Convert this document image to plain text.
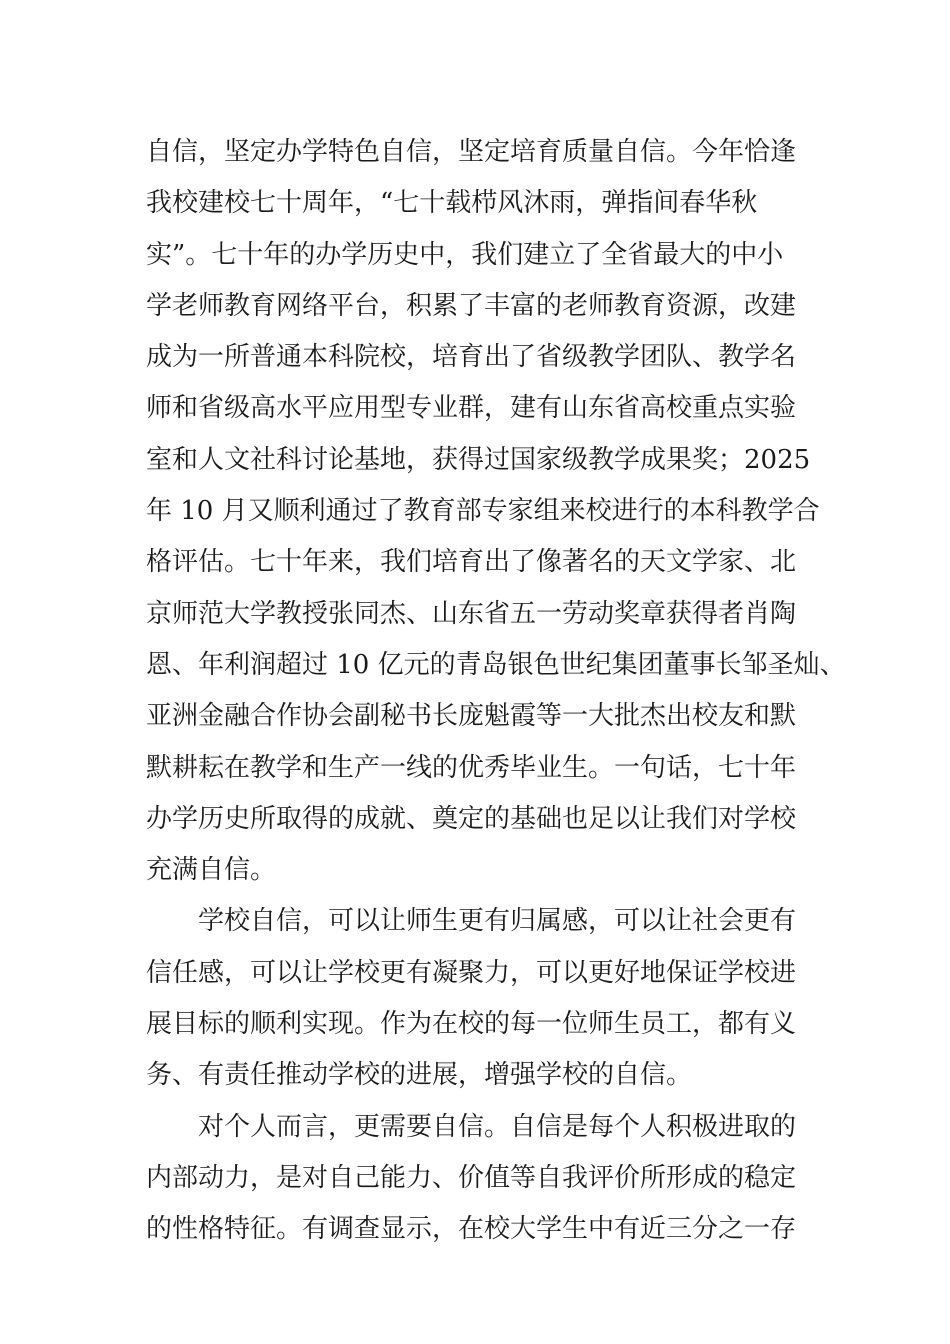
自信，坚定办学特色自信，坚定培育质量自信。今年恰逢
我校建校七十周年，“七十载栉风沐雨，弹指间春华秋
实”。七十年的办学历史中，我们建立了全省最大的中小
学老师教育网络平台，积累了丰富的老师教育资源，改建
成为一所普通本科院校，培育出了省级教学团队、教学名
师和省级高水平应用型专业群，建有山东省高校重点实验
室和人文社科讨论基地，获得过国家级教学成果奖；2025
年 10 月又顺利通过了教育部专家组来校进行的本科教学合
格评估。七十年来，我们培育出了像著名的天文学家、北
京师范大学教授张同杰、山东省五一劳动奖章获得者肖陶
恩、年利润超过 10 亿元的青岛银色世纪集团董事长邹圣灿、
亚洲金融合作协会副秘书长庞魁霞等一大批杰出校友和默
默耕耘在教学和生产一线的优秀毕业生。一句话，七十年
办学历史所取得的成就、奠定的基础也足以让我们对学校
充满自信。
学校自信，可以让师生更有归属感，可以让社会更有
信任感，可以让学校更有凝聚力，可以更好地保证学校进
展目标的顺利实现。作为在校的每一位师生员工，都有义
务、有责任推动学校的进展，增强学校的自信。
对个人而言，更需要自信。自信是每个人积极进取的
内部动力，是对自己能力、价值等自我评价所形成的稳定
的性格特征。有调查显示，在校大学生中有近三分之一存
